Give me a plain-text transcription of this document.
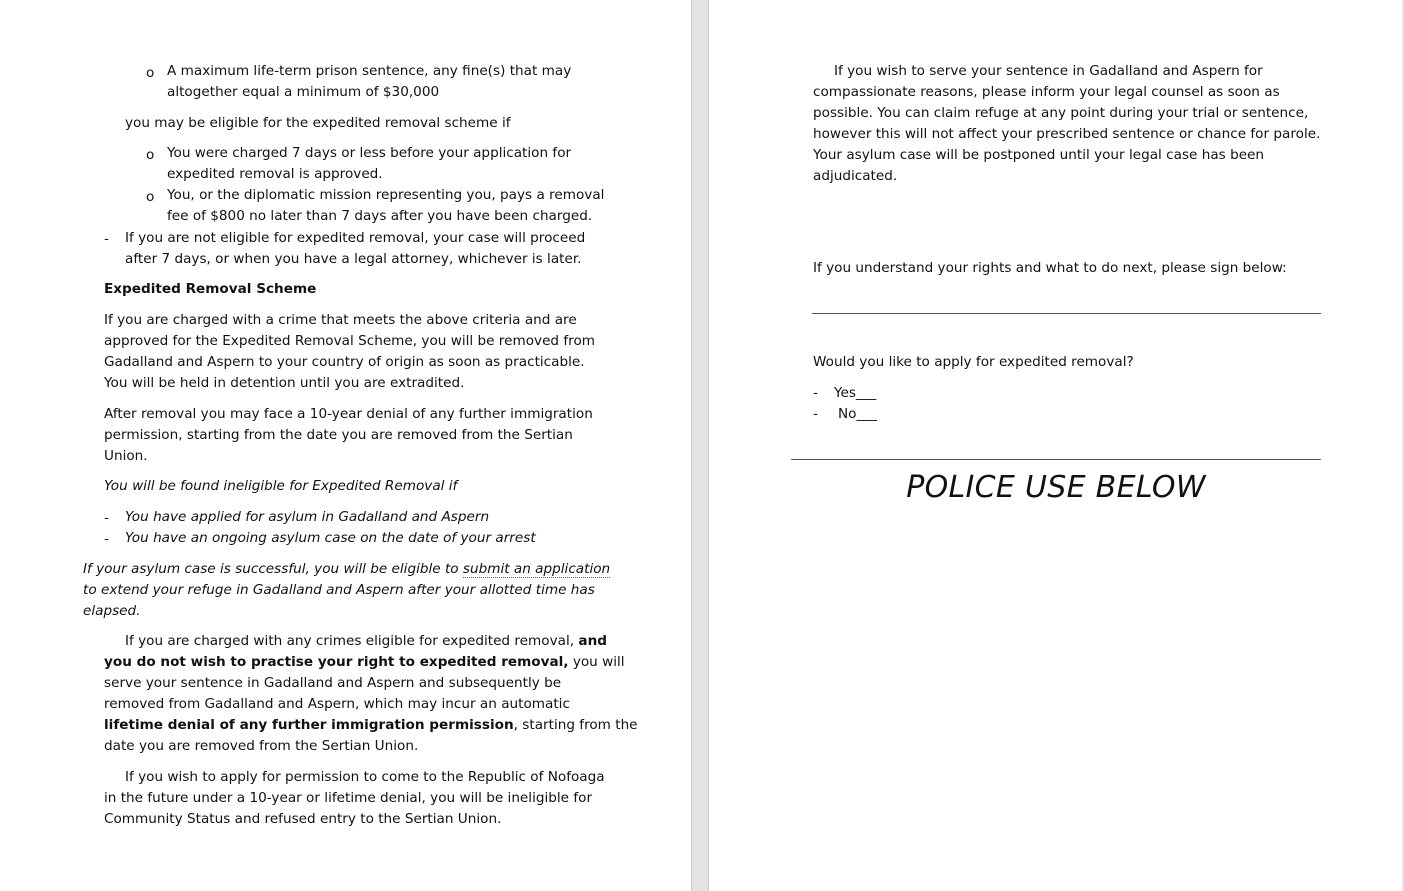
o A maximum life-term prison sentence, any fine(s) that may
altogether equal a minimum of $30,000
you may be eligible for the expedited removal scheme if
o You were charged 7 days or less before your application for
expedited removal is approved.
o You, or the diplomatic mission representing you, pays a removal
fee of $800 no later than 7 days after you have been charged.
- If you are not eligible for expedited removal, your case will proceed
after 7 days, or when you have a legal attorney, whichever is later.
Expedited Removal Scheme
If you are charged with a crime that meets the above criteria and are
approved for the Expedited Removal Scheme, you will be removed from
Gadalland and Aspern to your country of origin as soon as practicable.
You will be held in detention until you are extradited.
After removal you may face a 10-year denial of any further immigration
permission, starting from the date you are removed from the Sertian
Union.
You will be found ineligible for Expedited Removal if
- You have applied for asylum in Gadalland and Aspern
- You have an ongoing asylum case on the date of your arrest
If your asylum case is successful, you will be eligible to submit an application
to extend your refuge in Gadalland and Aspern after your allotted time has
elapsed.
If you are charged with any crimes eligible for expedited removal, and
you do not wish to practise your right to expedited removal, you will
serve your sentence in Gadalland and Aspern and subsequently be
removed from Gadalland and Aspern, which may incur an automatic
lifetime denial of any further immigration permission, starting from the
date you are removed from the Sertian Union.
If you wish to apply for permission to come to the Republic of Nofoaga
in the future under a 10-year or lifetime denial, you will be ineligible for
Community Status and refused entry to the Sertian Union.
If you wish to serve your sentence in Gadalland and Aspern for
compassionate reasons, please inform your legal counsel as soon as
possible. You can claim refuge at any point during your trial or sentence,
however this will not affect your prescribed sentence or chance for parole.
Your asylum case will be postponed until your legal case has been
adjudicated.
If you understand your rights and what to do next, please sign below:
Would you like to apply for expedited removal?
- Yes___
- No___
POLICE USE BELOW
